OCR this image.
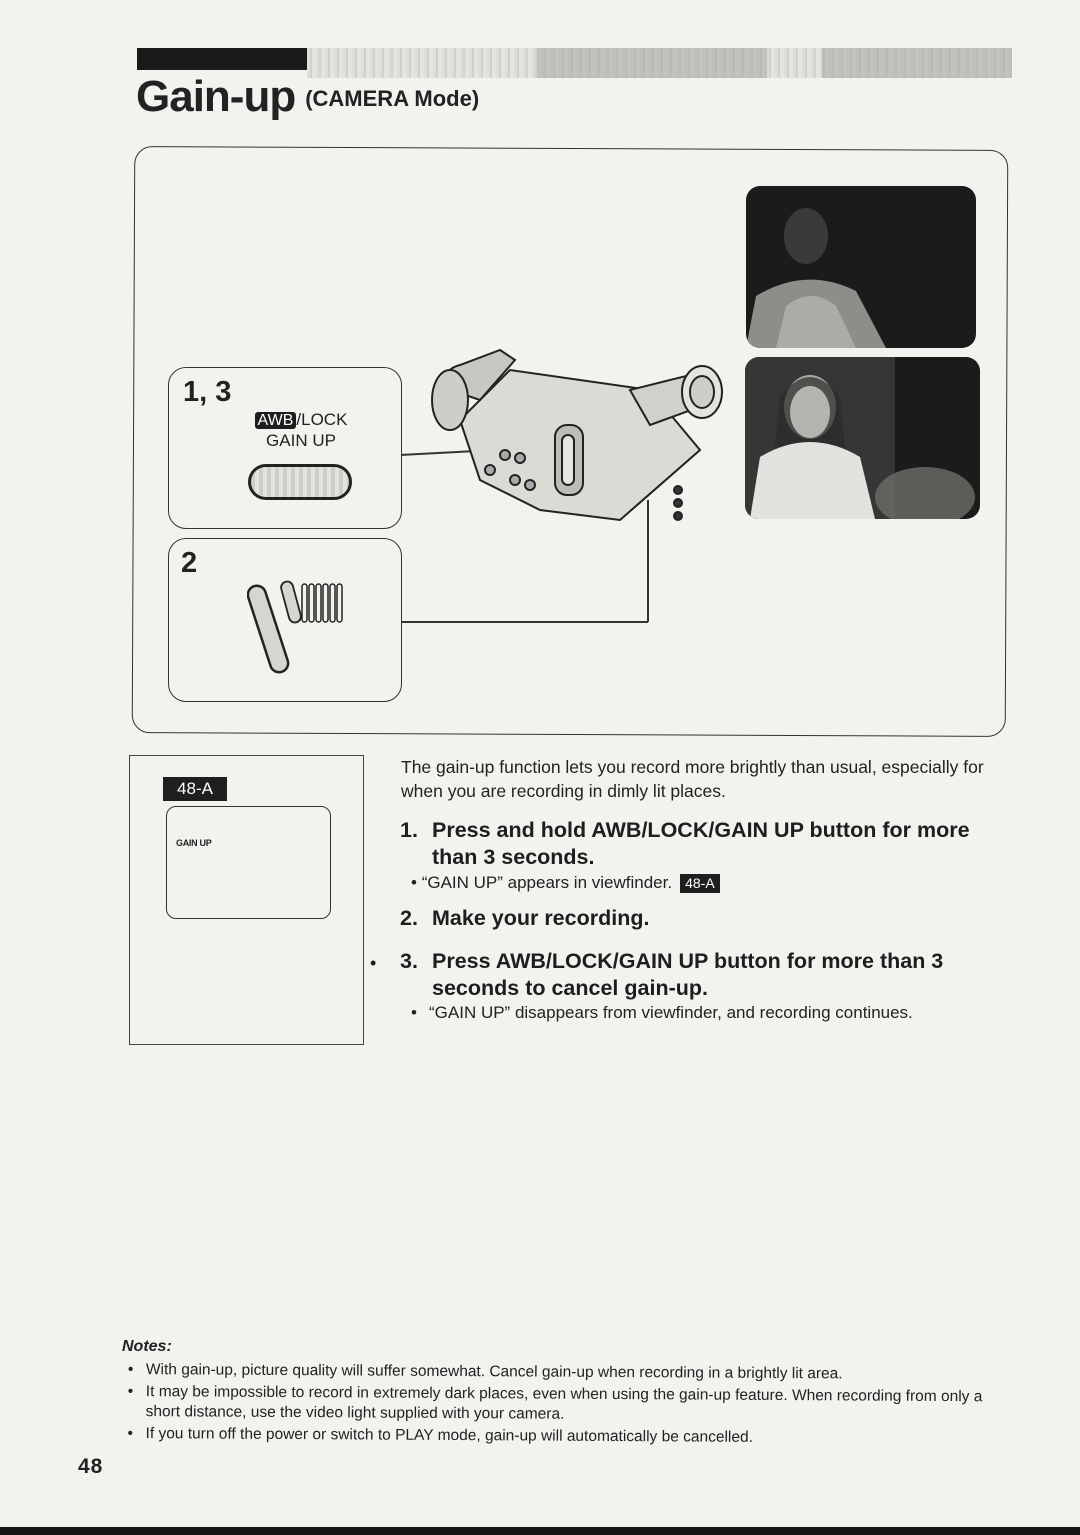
Gain-up (CAMERA Mode)
1, 3
AWB /LOCK
GAIN UP
2
48-A
GAIN UP
The gain-up function lets you record more brightly than usual, especially for when you are recording in dimly lit places.
1. Press and hold AWB/LOCK/GAIN UP button for more than 3 seconds.
• “GAIN UP” appears in viewfinder. 48-A
2. Make your recording.
• 3. Press AWB/LOCK/GAIN UP button for more than 3 seconds to cancel gain-up.
• “GAIN UP” disappears from viewfinder, and recording continues.
Notes:
• With gain-up, picture quality will suffer somewhat. Cancel gain-up when recording in a brightly lit area.
• It may be impossible to record in extremely dark places, even when using the gain-up feature. When recording from only a short distance, use the video light supplied with your camera.
• If you turn off the power or switch to PLAY mode, gain-up will automatically be cancelled.
48
